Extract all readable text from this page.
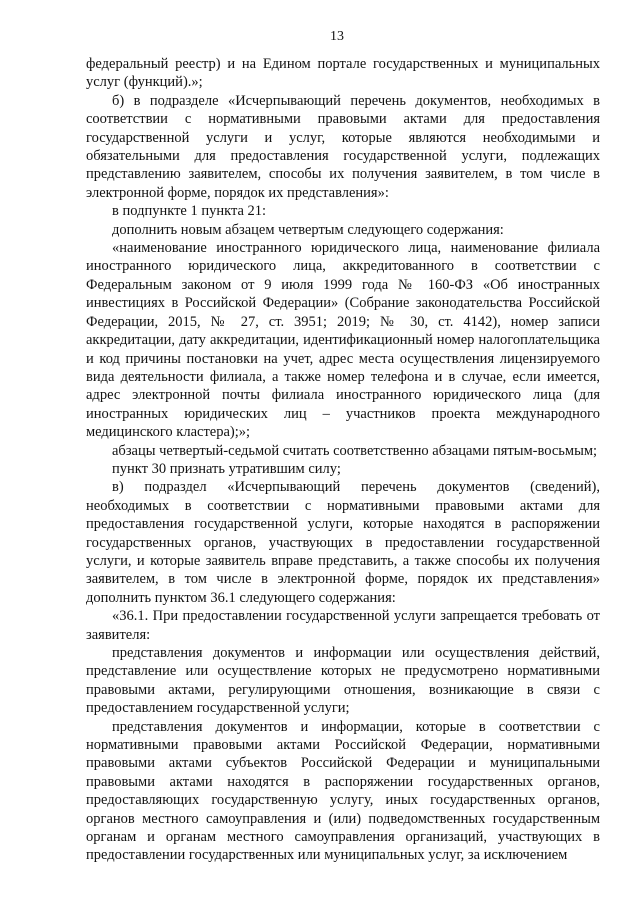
13

федеральный реестр) и на Едином портале государственных и муниципальных услуг (функций).»;

б) в подразделе «Исчерпывающий перечень документов, необходимых в соответствии с нормативными правовыми актами для предоставления государственной услуги и услуг, которые являются необходимыми и обязательными для предоставления государственной услуги, подлежащих представлению заявителем, способы их получения заявителем, в том числе в электронной форме, порядок их представления»:

в подпункте 1 пункта 21:

дополнить новым абзацем четвертым следующего содержания:

«наименование иностранного юридического лица, наименование филиала иностранного юридического лица, аккредитованного в соответствии с Федеральным законом от 9 июля 1999 года № 160-ФЗ «Об иностранных инвестициях в Российской Федерации» (Собрание законодательства Российской Федерации, 2015, № 27, ст. 3951; 2019; № 30, ст. 4142), номер записи аккредитации, дату аккредитации, идентификационный номер налогоплательщика и код причины постановки на учет, адрес места осуществления лицензируемого вида деятельности филиала, а также номер телефона и в случае, если имеется, адрес электронной почты филиала иностранного юридического лица (для иностранных юридических лиц – участников проекта международного медицинского кластера);»;

абзацы четвертый-седьмой считать соответственно абзацами пятым-восьмым;

пункт 30 признать утратившим силу;

в) подраздел «Исчерпывающий перечень документов (сведений), необходимых в соответствии с нормативными правовыми актами для предоставления государственной услуги, которые находятся в распоряжении государственных органов, участвующих в предоставлении государственной услуги, и которые заявитель вправе представить, а также способы их получения заявителем, в том числе в электронной форме, порядок их представления» дополнить пунктом 36.1 следующего содержания:

«36.1. При предоставлении государственной услуги запрещается требовать от заявителя:

представления документов и информации или осуществления действий, представление или осуществление которых не предусмотрено нормативными правовыми актами, регулирующими отношения, возникающие в связи с предоставлением государственной услуги;

представления документов и информации, которые в соответствии с нормативными правовыми актами Российской Федерации, нормативными правовыми актами субъектов Российской Федерации и муниципальными правовыми актами находятся в распоряжении государственных органов, предоставляющих государственную услугу, иных государственных органов, органов местного самоуправления и (или) подведомственных государственным органам и органам местного самоуправления организаций, участвующих в предоставлении государственных или муниципальных услуг, за исключением
